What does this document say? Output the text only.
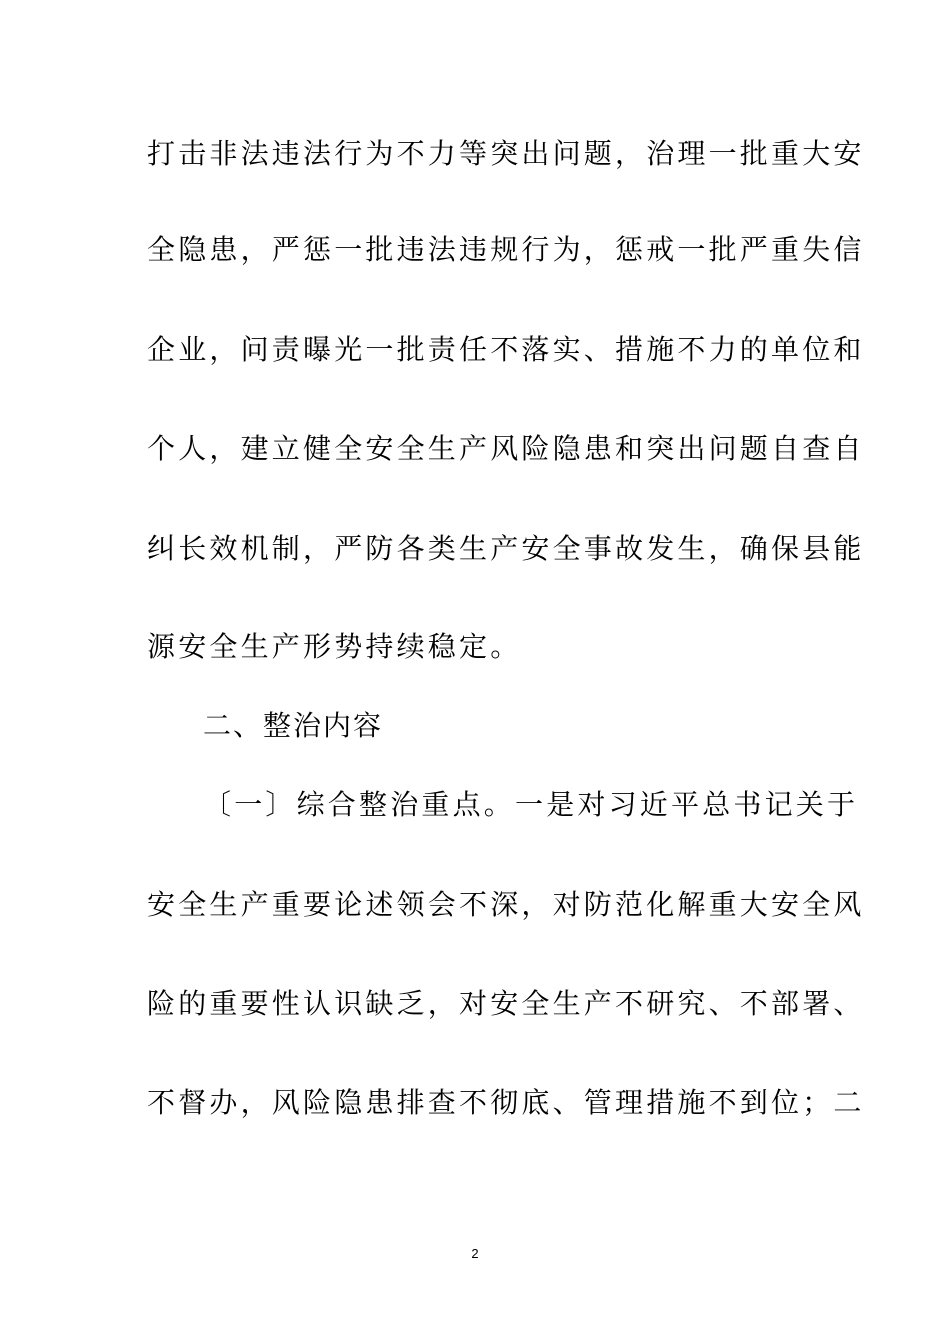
打击非法违法行为不力等突出问题，治理一批重大安
全隐患，严惩一批违法违规行为，惩戒一批严重失信
企业，问责曝光一批责任不落实、措施不力的单位和
个人，建立健全安全生产风险隐患和突出问题自查自
纠长效机制，严防各类生产安全事故发生，确保县能
源安全生产形势持续稳定。
二、整治内容
〔一〕综合整治重点。一是对习近平总书记关于
安全生产重要论述领会不深，对防范化解重大安全风
险的重要性认识缺乏，对安全生产不研究、不部署、
不督办，风险隐患排查不彻底、管理措施不到位；二
2
